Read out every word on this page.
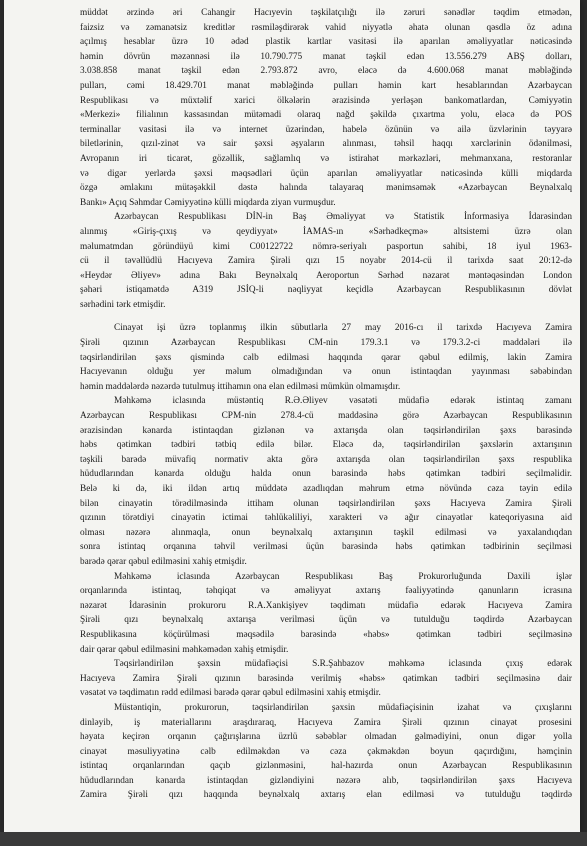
müddət ərzində əri Cahangir Hacıyevin təşkilatçılığı ilə zəruri sənədlər təqdim etmədən,
faizsiz və zəmanətsiz kreditlər rəsmiləşdirərək vahid niyyətlə əhatə olunan qəsdlə öz adına
açılmış hesablar üzrə 10 ədəd plastik kartlar vasitəsi ilə aparılan əməliyyatlar nəticəsində
həmin dövrün məzənnəsi ilə 10.790.775 manat təşkil edən 13.556.279 ABŞ dolları,
3.038.858 manat təşkil edən 2.793.872 avro, eləcə də 4.600.068 manat məbləğində
pulları, cəmi 18.429.701 manat məbləğində pulları həmin kart hesablarından Azərbaycan
Respublikası və müxtəlif xarici ölkələrin ərazisində yerləşən bankomatlardan, Cəmiyyətin
«Merkezi» filialının kassasından mütəmadi olaraq nağd şəkildə çıxartma yolu, eləcə də POS
terminallar vasitəsi ilə və internet üzərindən, habelə özünün və ailə üzvlərinin təyyarə
biletlərinin, qızıl-zinət və sair şəxsi əşyaların alınması, təhsil haqqı xərclərinin ödənilməsi,
Avropanın iri ticarət, gözəllik, sağlamlıq və istirahət mərkəzləri, mehmanxana, restoranlar
və digər yerlərdə şəxsi məqsədləri üçün aparılan əməliyyatlar nəticəsində külli miqdarda
özgə əmlakını mütəşəkkil dəstə halında talayaraq mənimsəmək «Azərbaycan Beynəlxalq
Bankı» Açıq Səhmdar Cəmiyyətinə külli miqdarda ziyan vurmuşdur.
Azərbaycan Respublikası DİN-in Baş Əməliyyat və Statistik İnformasiya İdarəsindən
alınmış «Giriş-çıxış və qeydiyyat» İAMAS-ın «Sərhədkeçmə» altsistemi üzrə olan
məlumatmdan göründüyü kimi C00122722 nömrə-seriyalı pasportun sahibi, 18 iyul 1963-
cü il təvəllüdlü Hacıyeva Zamira Şirəli qızı 15 noyabr 2014-cü il tarixdə saat 20:12-də
«Heydər Əliyev» adına Bakı Beynəlxalq Aeroportun Sərhəd nəzarət məntəqəsindən London
şəhəri istiqamətdə A319 JSİQ-li nəqliyyat keçidlə Azərbaycan Respublikasının dövlət
sərhədini tərk etmişdir.
Cinayət işi üzrə toplanmış ilkin sübutlarla 27 may 2016-cı il tarixdə Hacıyeva Zamira
Şirəli qızının Azərbaycan Respublikası CM-nin 179.3.1 və 179.3.2-ci maddələri ilə
təqsirləndirilən şəxs qismində cəlb edilməsi haqqında qərar qəbul edilmiş, lakin Zamira
Hacıyevanın olduğu yer məlum olmadığından və onun istintaqdan yayınması səbəbindən
həmin maddələrdə nəzərdə tutulmuş ittihamın ona elan edilməsi mümkün olmamışdır.
Məhkəmə iclasında müstəntiq R.Ə.Əliyev vəsatəti müdafiə edərək istintaq zamanı
Azərbaycan Respublikası CPM-nin 278.4-cü maddəsinə görə Azərbaycan Respublikasının
ərazisindən kənarda istintaqdan gizlənən və axtarışda olan təqsirləndirilən şəxs barəsində
həbs qətimkan tədbiri tətbiq edilə bilər. Eləcə də, təqsirləndirilən şəxslərin axtarışının
təşkili barədə müvafiq normativ akta görə axtarışda olan təqsirləndirilən şəxs respublika
hüdudlarından kənarda olduğu halda onun barəsində həbs qətimkan tədbiri seçilməlidir.
Belə ki də, iki ildən artıq müddətə azadlıqdan məhrum etmə növündə cəza təyin edilə
bilən cinayətin törədilməsində ittiham olunan təqsirləndirilən şəxs Hacıyeva Zamira Şirəli
qızının törətdiyi cinayətin ictimai təhlükəliliyi, xarakteri və ağır cinayətlər kateqoriyasına aid
olması nəzərə alınmaqla, onun beynəlxalq axtarışının təşkil edilməsi və yaxalandıqdan
sonra istintaq orqanına təhvil verilməsi üçün barəsində həbs qətimkan tədbirinin seçilməsi
barədə qərar qəbul edilməsini xahiş etmişdir.
Məhkəmə iclasında Azərbaycan Respublikası Baş Prokurorluğunda Daxili işlər
orqanlarında istintaq, təhqiqat və əməliyyat axtarış fəaliyyətində qanunların icrasına
nəzarət İdarəsinin prokuroru R.A.Xankişiyev təqdimatı müdafiə edərək Hacıyeva Zamira
Şirəli qızı beynəlxalq axtarışa verilməsi üçün və tutulduğu təqdirdə Azərbaycan
Respublikasına köçürülməsi məqsədilə barəsində «həbs» qətimkan tədbiri seçilməsinə
dair qərar qəbul edilməsini məhkəmədən xahiş etmişdir.
Təqsirləndirilən şəxsin müdafiəçisi S.R.Şahbazov məhkəmə iclasında çıxış edərək
Hacıyeva Zamira Şirəli qızının barəsində verilmiş «həbs» qətimkan tədbiri seçilməsinə dair
vəsatət və təqdimatın rədd edilməsi barədə qərar qəbul edilməsini xahiş etmişdir.
Müstəntiqin, prokurorun, təqsirləndirilən şəxsin müdafiəçisinin izahat və çıxışlarını
dinləyib, iş materiallarını araşdıraraq, Hacıyeva Zamira Şirəli qızının cinayət prosesini
həyata keçirən orqanın çağırışlarına üzrlü səbəblər olmadan gəlmədiyini, onun digər yolla
cinayət məsuliyyətinə cəlb edilməkdən və cəza çəkməkdən boyun qaçırdığını, həmçinin
istintaq orqanlarından qaçıb gizlənməsini, hal-hazırda onun Azərbaycan Respublikasının
hüdudlarından kənarda istintaqdan gizləndiyini nəzərə alıb, təqsirləndirilən şəxs Hacıyeva
Zamira Şirəli qızı haqqında beynəlxalq axtarış elan edilməsi və tutulduğu təqdirdə
